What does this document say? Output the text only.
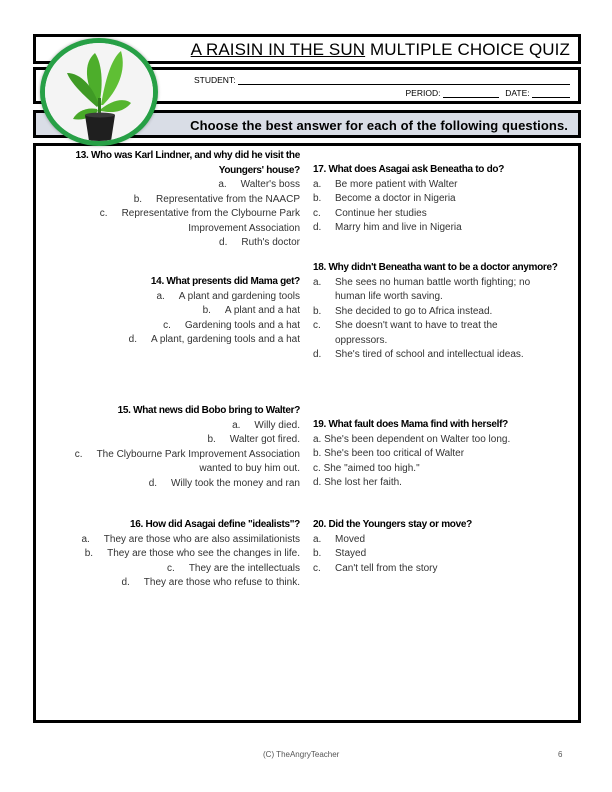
A RAISIN IN THE SUN MULTIPLE CHOICE QUIZ
STUDENT:
PERIOD:	DATE:
Choose the best answer for each of the following questions.
13. Who was Karl Lindner, and why did he visit the
Youngers' house?
a. Walter's boss
b. Representative from the NAACP
c. Representative from the Clybourne Park
Improvement Association
d. Ruth's doctor
14. What presents did Mama get?
a. A plant and gardening tools
b. A plant and a hat
c. Gardening tools and a hat
d. A plant, gardening tools and a hat
15. What news did Bobo bring to Walter?
a. Willy died.
b. Walter got fired.
c. The Clybourne Park Improvement Association
wanted to buy him out.
d. Willy took the money and ran
16. How did Asagai define "idealists"?
a. They are those who are also assimilationists
b. They are those who see the changes in life.
c. They are the intellectuals
d. They are those who refuse to think.
17. What does Asagai ask Beneatha to do?
a.	Be more patient with Walter
b.	Become a doctor in Nigeria
c.	Continue her studies
d.	Marry him and live in Nigeria
18. Why didn't Beneatha want to be a doctor anymore?
a.	She sees no human battle worth fighting; no
human life worth saving.
b.	She decided to go to Africa instead.
c.	She doesn't want to have to treat the
oppressors.
d.	She's tired of school and intellectual ideas.
19. What fault does Mama find with herself?
a.
She's been dependent on Walter too long.
b.
She's been too critical of Walter
c.
She "aimed too high."
d.
She lost her faith.
20. Did the Youngers stay or move?
a.	Moved
b.	Stayed
c.	Can't tell from the story
(C) TheAngryTeacher	6
